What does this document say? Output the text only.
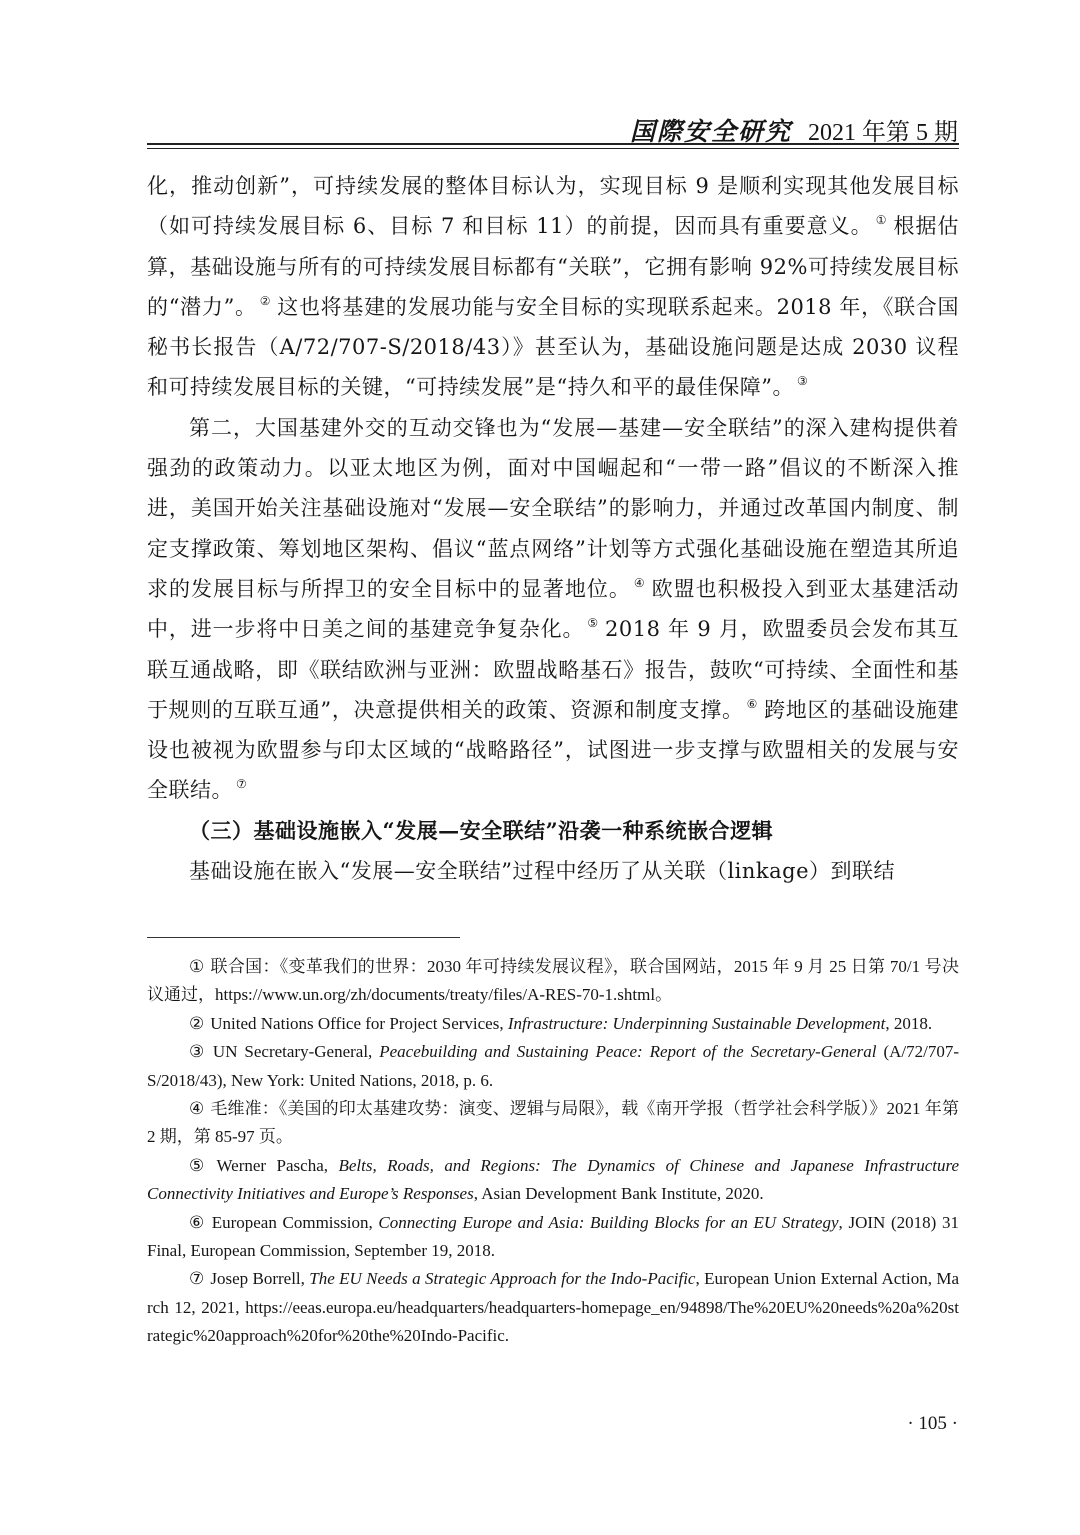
国際安全研究 2021 年第 5 期

化，推动创新”，可持续发展的整体目标认为，实现目标 9 是顺利实现其他发展目标（如可持续发展目标 6、目标 7 和目标 11）的前提，因而具有重要意义。 ① 根据估算，基础设施与所有的可持续发展目标都有“关联”，它拥有影响 92%可持续发展目标的“潜力”。 ② 这也将基建的发展功能与安全目标的实现联系起来。2018 年，《联合国秘书长报告（A/72/707-S/2018/43）》甚至认为，基础设施问题是达成 2030 议程和可持续发展目标的关键，“可持续发展”是“持久和平的最佳保障”。 ③

第二，大国基建外交的互动交锋也为“发展—基建—安全联结”的深入建构提供着强劲的政策动力。以亚太地区为例，面对中国崛起和“一带一路”倡议的不断深入推进，美国开始关注基础设施对“发展—安全联结”的影响力，并通过改革国内制度、制定支撑政策、筹划地区架构、倡议“蓝点网络”计划等方式强化基础设施在塑造其所追求的发展目标与所捍卫的安全目标中的显著地位。 ④ 欧盟也积极投入到亚太基建活动中，进一步将中日美之间的基建竞争复杂化。 ⑤ 2018 年 9 月，欧盟委员会发布其互联互通战略，即《联结欧洲与亚洲：欧盟战略基石》报告，鼓吹“可持续、全面性和基于规则的互联互通”，决意提供相关的政策、资源和制度支撑。 ⑥ 跨地区的基础设施建设也被视为欧盟参与印太区域的“战略路径”，试图进一步支撑与欧盟相关的发展与安全联结。 ⑦

（三）基础设施嵌入“发展—安全联结”沿袭一种系统嵌合逻辑

基础设施在嵌入“发展—安全联结”过程中经历了从关联（linkage）到联结

① 联合国：《变革我们的世界：2030 年可持续发展议程》，联合国网站，2015 年 9 月 25 日第 70/1 号决议通过，https://www.un.org/zh/documents/treaty/files/A-RES-70-1.shtml。

② United Nations Office for Project Services, Infrastructure: Underpinning Sustainable Development, 2018.

③ UN Secretary-General, Peacebuilding and Sustaining Peace: Report of the Secretary-General (A/72/707-S/2018/43), New York: United Nations, 2018, p. 6.

④ 毛维准：《美国的印太基建攻势：演变、逻辑与局限》，载《南开学报（哲学社会科学版）》2021 年第 2 期，第 85-97 页。

⑤ Werner Pascha, Belts, Roads, and Regions: The Dynamics of Chinese and Japanese Infrastructure Connectivity Initiatives and Europe’s Responses, Asian Development Bank Institute, 2020.

⑥ European Commission, Connecting Europe and Asia: Building Blocks for an EU Strategy, JOIN (2018) 31 Final, European Commission, September 19, 2018.

⑦ Josep Borrell, The EU Needs a Strategic Approach for the Indo-Pacific, European Union External Action, March 12, 2021, https://eeas.europa.eu/headquarters/headquarters-homepage_en/94898/The%20EU%20needs%20a%20strategic%20approach%20for%20the%20Indo-Pacific.

· 105 ·
